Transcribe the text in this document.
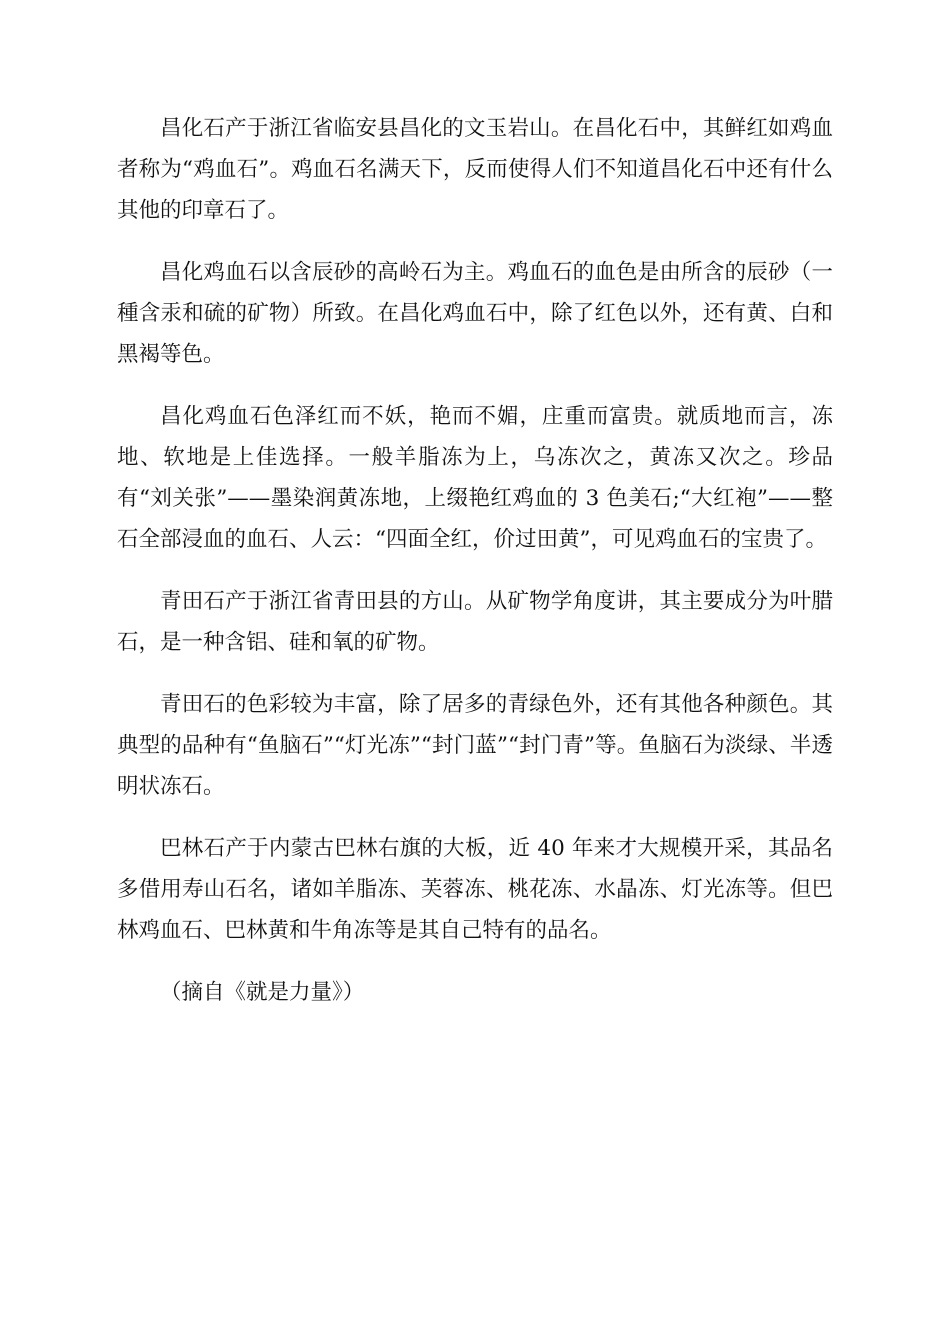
昌化石产于浙江省临安县昌化的文玉岩山。在昌化石中，其鲜红如鸡血者称为“鸡血石”。鸡血石名满天下，反而使得人们不知道昌化石中还有什么其他的印章石了。

昌化鸡血石以含辰砂的高岭石为主。鸡血石的血色是由所含的辰砂（一種含汞和硫的矿物）所致。在昌化鸡血石中，除了红色以外，还有黄、白和黑褐等色。

昌化鸡血石色泽红而不妖，艳而不媚，庄重而富贵。就质地而言，冻地、软地是上佳选择。一般羊脂冻为上，乌冻次之，黄冻又次之。珍品有“刘关张”——墨染润黄冻地，上缀艳红鸡血的 3 色美石;“大红袍”——整石全部浸血的血石、人云：“四面全红，价过田黄”，可见鸡血石的宝贵了。

青田石产于浙江省青田县的方山。从矿物学角度讲，其主要成分为叶腊石，是一种含铝、硅和氧的矿物。

青田石的色彩较为丰富，除了居多的青绿色外，还有其他各种颜色。其典型的品种有“鱼脑石”“灯光冻”“封门蓝”“封门青”等。鱼脑石为淡绿、半透明状冻石。

巴林石产于内蒙古巴林右旗的大板，近 40 年来才大规模开采，其品名多借用寿山石名，诸如羊脂冻、芙蓉冻、桃花冻、水晶冻、灯光冻等。但巴林鸡血石、巴林黄和牛角冻等是其自己特有的品名。

（摘自《就是力量》）
